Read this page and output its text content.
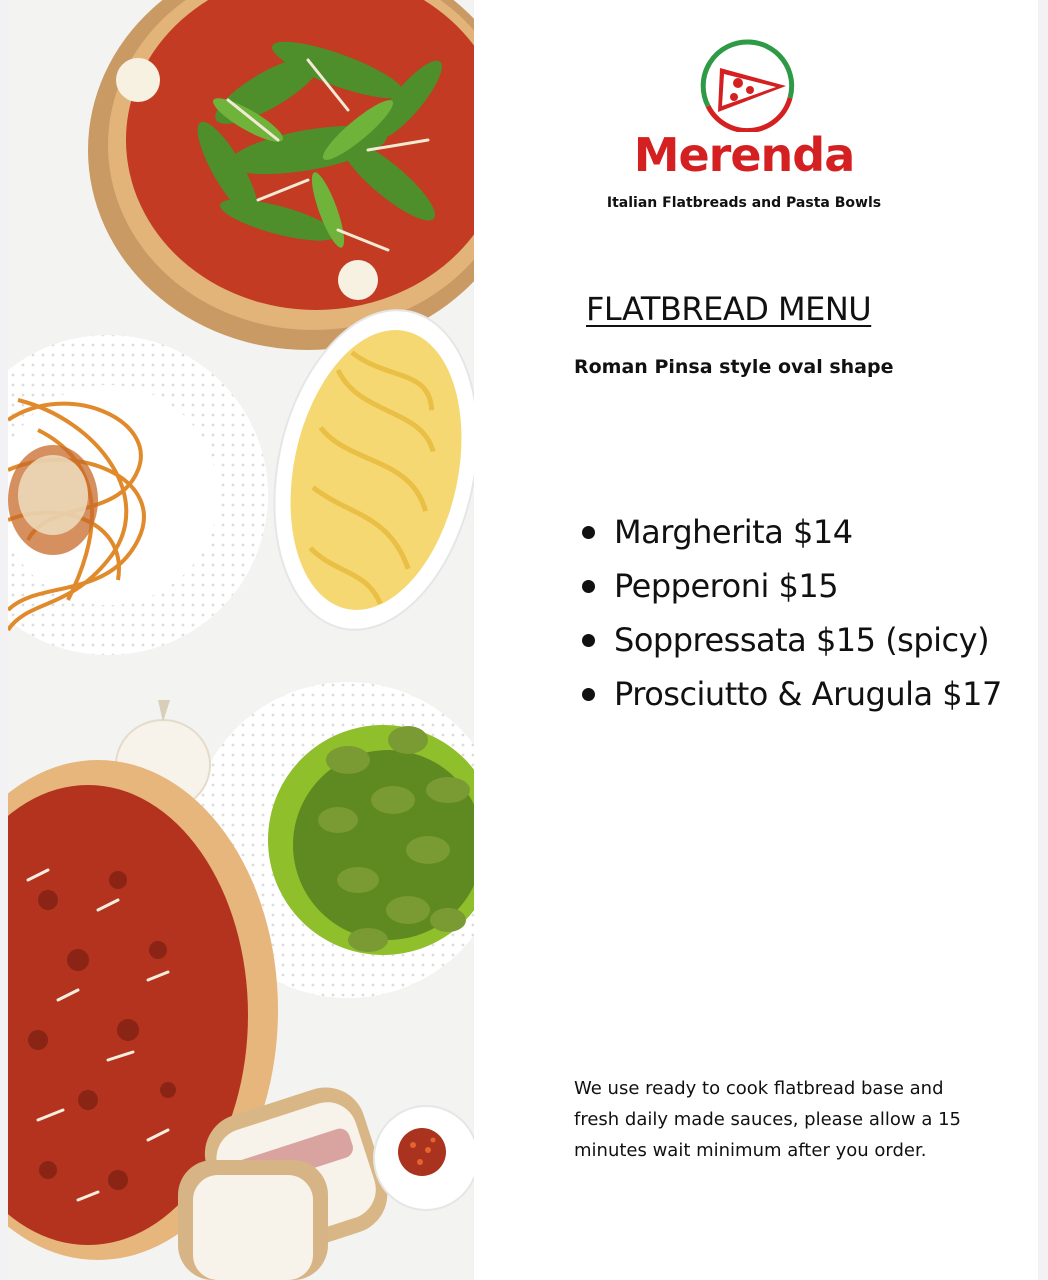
Merenda
Italian Flatbreads and Pasta Bowls
FLATBREAD MENU
Roman Pinsa style oval shape
Margherita $14
Pepperoni $15
Soppressata $15 (spicy)
Prosciutto & Arugula $17
We use ready to cook flatbread base and fresh daily made sauces, please allow a 15 minutes wait minimum after you order.
